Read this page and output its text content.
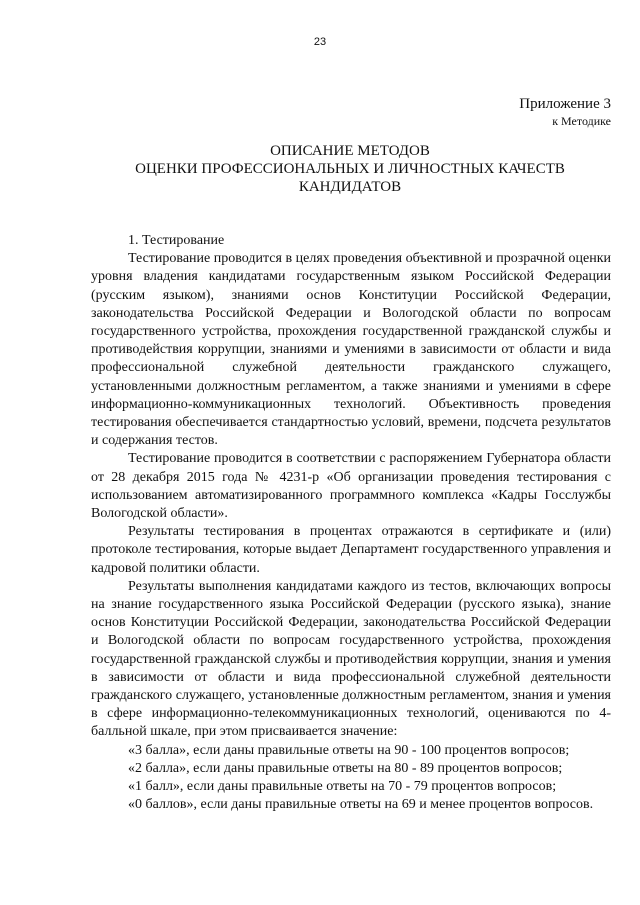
23
Приложение 3
к Методике
ОПИСАНИЕ МЕТОДОВ
ОЦЕНКИ ПРОФЕССИОНАЛЬНЫХ И ЛИЧНОСТНЫХ КАЧЕСТВ
КАНДИДАТОВ

1. Тестирование

Тестирование проводится в целях проведения объективной и прозрачной оценки уровня владения кандидатами государственным языком Российской Федерации (русским языком), знаниями основ Конституции Российской Федерации, законодательства Российской Федерации и Вологодской области по вопросам государственного устройства, прохождения государственной гражданской службы и противодействия коррупции, знаниями и умениями в зависимости от области и вида профессиональной служебной деятельности гражданского служащего, установленными должностным регламентом, а также знаниями и умениями в сфере информационно-коммуникационных технологий. Объективность проведения тестирования обеспечивается стандартностью условий, времени, подсчета результатов и содержания тестов.

Тестирование проводится в соответствии с распоряжением Губернатора области от 28 декабря 2015 года № 4231-р «Об организации проведения тестирования с использованием автоматизированного программного комплекса «Кадры Госслужбы Вологодской области».

Результаты тестирования в процентах отражаются в сертификате и (или) протоколе тестирования, которые выдает Департамент государственного управления и кадровой политики области.

Результаты выполнения кандидатами каждого из тестов, включающих вопросы на знание государственного языка Российской Федерации (русского языка), знание основ Конституции Российской Федерации, законодательства Российской Федерации и Вологодской области по вопросам государственного устройства, прохождения государственной гражданской службы и противодействия коррупции, знания и умения в зависимости от области и вида профессиональной служебной деятельности гражданского служащего, установленные должностным регламентом, знания и умения в сфере информационно-телекоммуникационных технологий, оцениваются по 4-балльной шкале, при этом присваивается значение:

«3 балла», если даны правильные ответы на 90 - 100 процентов вопросов;

«2 балла», если даны правильные ответы на 80 - 89 процентов вопросов;

«1 балл», если даны правильные ответы на 70 - 79 процентов вопросов;

«0 баллов», если даны правильные ответы на 69 и менее процентов вопросов.
